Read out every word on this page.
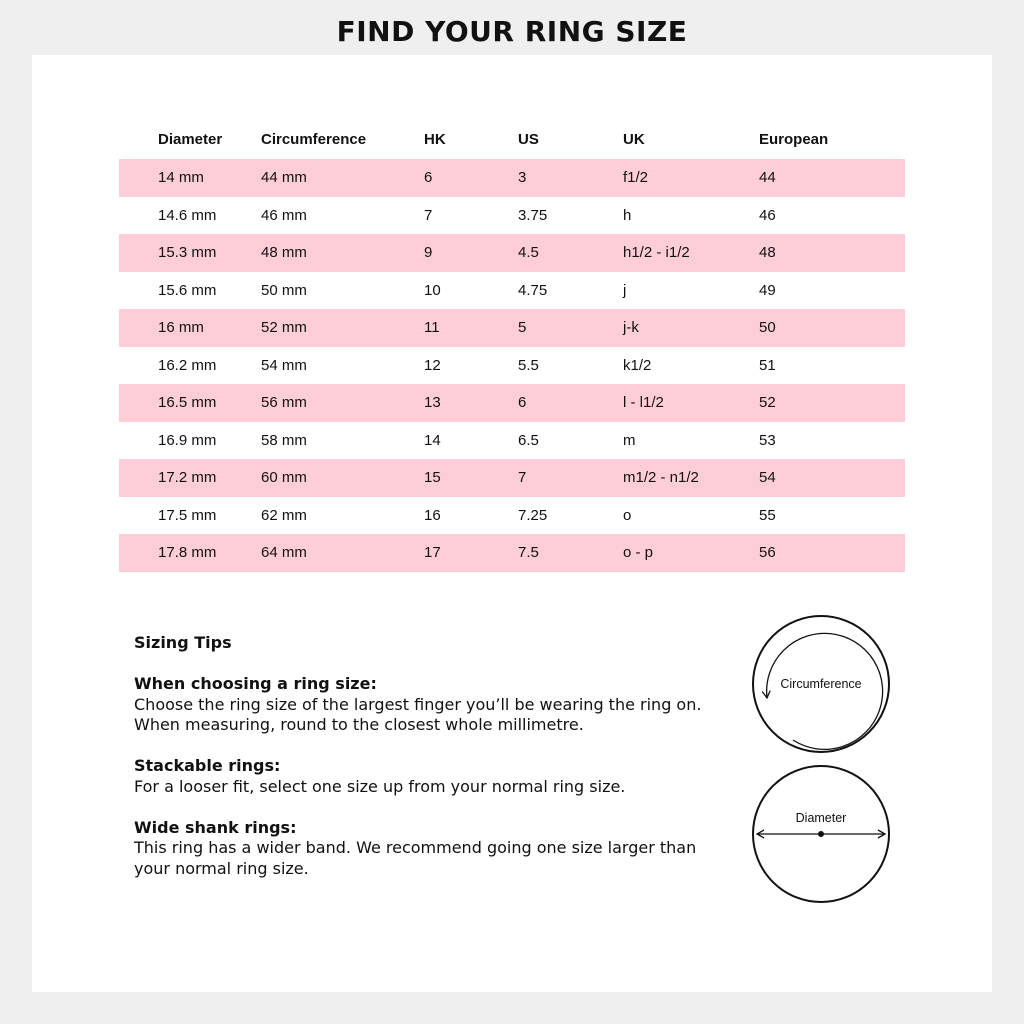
FIND YOUR RING SIZE
Diameter	Circumference	HK	US	UK	European
14 mm	44 mm	6	3	f1/2	44
14.6 mm	46 mm	7	3.75	h	46
15.3 mm	48 mm	9	4.5	h1/2 - i1/2	48
15.6 mm	50 mm	10	4.75	j	49
16 mm	52 mm	11	5	j-k	50
16.2 mm	54 mm	12	5.5	k1/2	51
16.5 mm	56 mm	13	6	l - l1/2	52
16.9 mm	58 mm	14	6.5	m	53
17.2 mm	60 mm	15	7	m1/2 - n1/2	54
17.5 mm	62 mm	16	7.25	o	55
17.8 mm	64 mm	17	7.5	o - p	56
Sizing Tips
When choosing a ring size:
Choose the ring size of the largest finger you’ll be wearing the ring on.
When measuring, round to the closest whole millimetre.
Stackable rings:
For a looser fit, select one size up from your normal ring size.
Wide shank rings:
This ring has a wider band. We recommend going one size larger than
your normal ring size.
Circumference
Diameter
